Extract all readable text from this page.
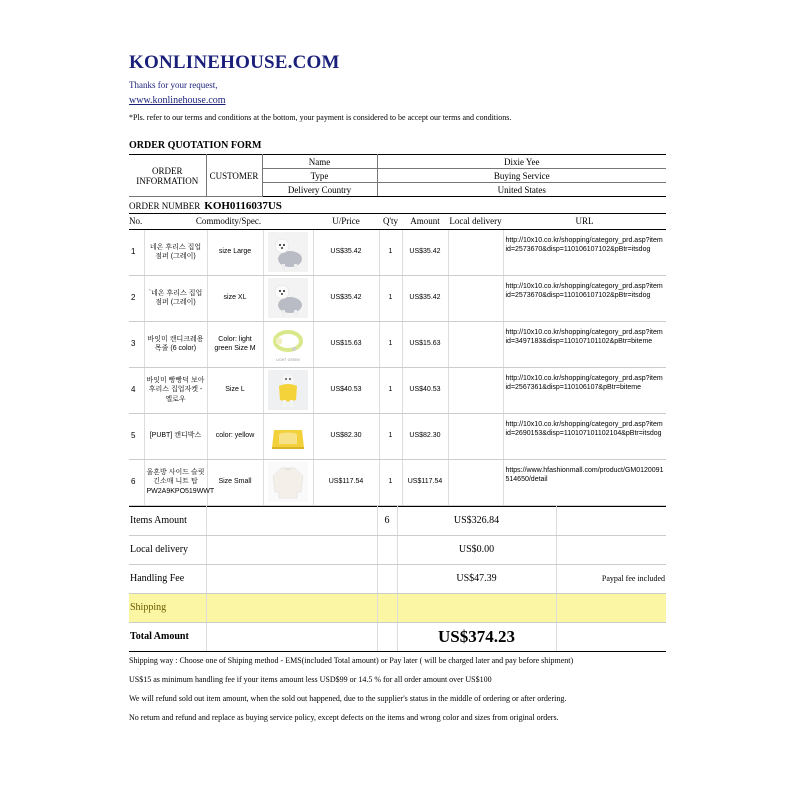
KONLINEHOUSE.COM
Thanks for your request,
www.konlinehouse.com
*Pls. refer to our terms and conditions at the bottom, your payment is considered to be accept our terms and conditions.
ORDER QUOTATION FORM
ORDER
INFORMATION	CUSTOMER	Name	Dixie Yee
		Type	Buying Service
		Delivery Country	United States
ORDER NUMBER KOH0116037US
No.	Commodity/Spec.			U/Price	Q'ty	Amount	Local delivery	URL
1	네온 후리스 집업 점퍼 (그레이)	size Large		US$35.42	1	US$35.42		http://10x10.co.kr/shopping/category_prd.asp?itemid=2573670&disp=110106107102&pBtr=itsdog
2	`네온 후리스 집업 점퍼 (그레이)	size XL		US$35.42	1	US$35.42		http://10x10.co.kr/shopping/category_prd.asp?itemid=2573670&disp=110106107102&pBtr=itsdog
3	바잇미 캔디크레용 목줄 (6 color)	Color: light green Size M	LIGHT GREEN	US$15.63	1	US$15.63		http://10x10.co.kr/shopping/category_prd.asp?itemid=3497183&disp=110107101102&pBtr=biteme
4	바잇미 빵빵덕 보아후리스 집업자켓 - 옐로우	Size L		US$40.53	1	US$40.53		http://10x10.co.kr/shopping/category_prd.asp?itemid=2567361&disp=110106107&pBtr=biteme
5	[PUBT] 캔디박스	color: yellow		US$82.30	1	US$82.30		http://10x10.co.kr/shopping/category_prd.asp?itemid=2690153&disp=110107101102104&pBtr=itsdog
6	울혼방 사이드 슬릿 긴소매 니트 탑 PW2A9KPO519WWT	Size Small		US$117.54	1	US$117.54		https://www.hfashionmall.com/product/GM0120091514650/detail
Items Amount		6	US$326.84	
Local delivery			US$0.00	
Handling Fee			US$47.39	Paypal fee included
Shipping				
Total Amount			US$374.23	

Shipping way : Choose one of Shiping method - EMS(included Total amount) or Pay later ( will be charged later and pay before shipment)

US$15 as minimum handling fee if your items amount less USD$99 or 14.5 % for all order amount over US$100

We will refund sold out item amount, when the sold out happened, due to the supplier's status in the middle of ordering or after ordering.

No return and refund and replace as buying service policy, except defects on the items and wrong color and sizes from original orders.
